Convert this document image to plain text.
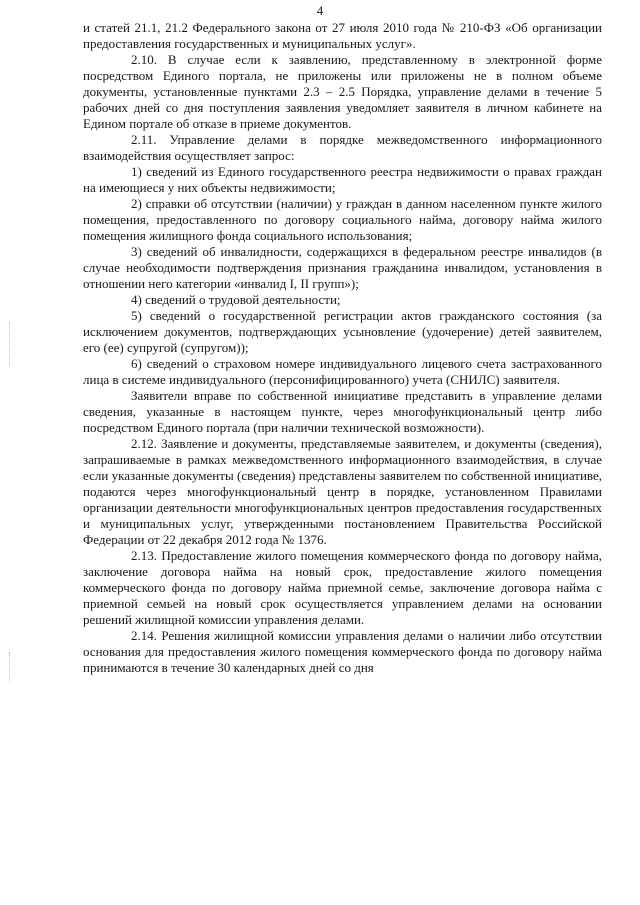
4

и статей 21.1, 21.2 Федерального закона от 27 июля 2010 года № 210-ФЗ «Об организации предоставления государственных и муниципальных услуг».

2.10. В случае если к заявлению, представленному в электронной форме посредством Единого портала, не приложены или приложены не в полном объеме документы, установленные пунктами 2.3 – 2.5 Порядка, управление делами в течение 5 рабочих дней со дня поступления заявления уведомляет заявителя в личном кабинете на Едином портале об отказе в приеме документов.

2.11. Управление делами в порядке межведомственного информационного взаимодействия осуществляет запрос:

1) сведений из Единого государственного реестра недвижимости о правах граждан на имеющиеся у них объекты недвижимости;

2) справки об отсутствии (наличии) у граждан в данном населенном пункте жилого помещения, предоставленного по договору социального найма, договору найма жилого помещения жилищного фонда социального использования;

3) сведений об инвалидности, содержащихся в федеральном реестре инвалидов (в случае необходимости подтверждения признания гражданина инвалидом, установления в отношении него категории «инвалид I, II групп»);

4) сведений о трудовой деятельности;

5) сведений о государственной регистрации актов гражданского состояния (за исключением документов, подтверждающих усыновление (удочерение) детей заявителем, его (ее) супругой (супругом));

6) сведений о страховом номере индивидуального лицевого счета застрахованного лица в системе индивидуального (персонифицированного) учета (СНИЛС) заявителя.

Заявители вправе по собственной инициативе представить в управление делами сведения, указанные в настоящем пункте, через многофункциональный центр либо посредством Единого портала (при наличии технической возможности).

2.12. Заявление и документы, представляемые заявителем, и документы (сведения), запрашиваемые в рамках межведомственного информационного взаимодействия, в случае если указанные документы (сведения) представлены заявителем по собственной инициативе, подаются через многофункциональный центр в порядке, установленном Правилами организации деятельности многофункциональных центров предоставления государственных и муниципальных услуг, утвержденными постановлением Правительства Российской Федерации от 22 декабря 2012 года № 1376.

2.13. Предоставление жилого помещения коммерческого фонда по договору найма, заключение договора найма на новый срок, предоставление жилого помещения коммерческого фонда по договору найма приемной семье, заключение договора найма с приемной семьей на новый срок осуществляется управлением делами на основании решений жилищной комиссии управления делами.

2.14. Решения жилищной комиссии управления делами о наличии либо отсутствии основания для предоставления жилого помещения коммерческого фонда по договору найма принимаются в течение 30 календарных дней со дня
